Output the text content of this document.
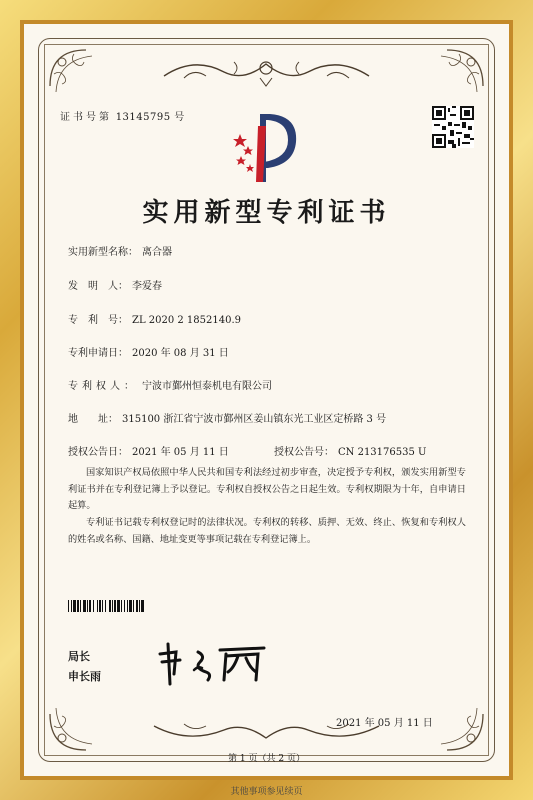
证书号第 13145795 号
实用新型专利证书
实用新型名称： 离合器
发　明　人： 李爱春
专　利　号： ZL 2020 2 1852140.9
专利申请日： 2020 年 08 月 31 日
专利权人： 宁波市鄞州恒泰机电有限公司
地　　址： 315100 浙江省宁波市鄞州区姜山镇东光工业区定桥路 3 号
授权公告日： 2021 年 05 月 11 日	授权公告号： CN 213176535 U
国家知识产权局依照中华人民共和国专利法经过初步审查，决定授予专利权，颁发实用新型专利证书并在专利登记簿上予以登记。专利权自授权公告之日起生效。专利权期限为十年，自申请日起算。
专利证书记载专利权登记时的法律状况。专利权的转移、质押、无效、终止、恢复和专利权人的姓名或名称、国籍、地址变更等事项记载在专利登记簿上。
局长
申长雨
2021 年 05 月 11 日
第 1 页（共 2 页）
其他事项参见续页
